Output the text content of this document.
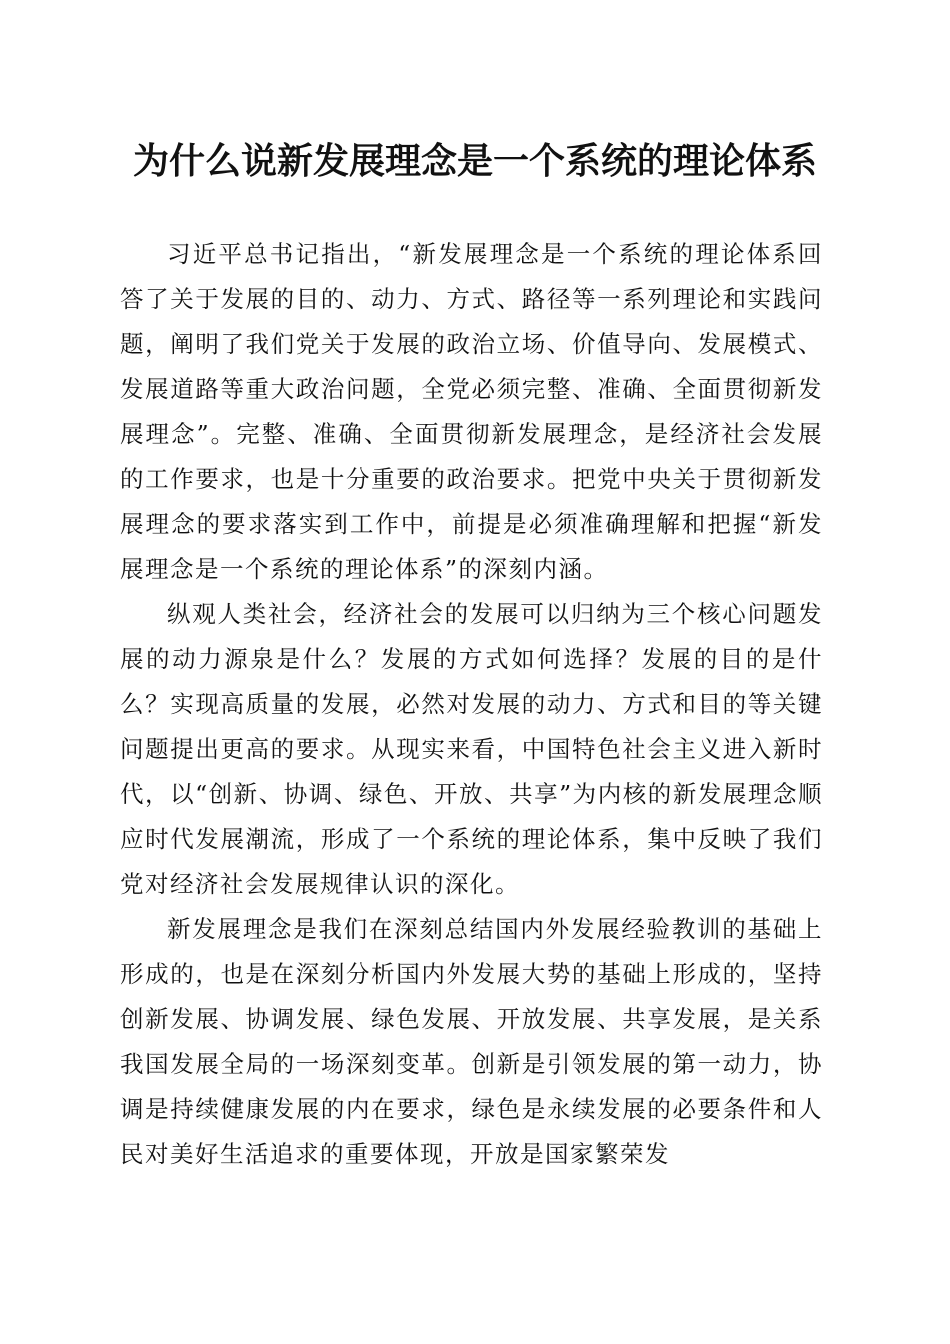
为什么说新发展理念是一个系统的理论体系

习近平总书记指出，“新发展理念是一个系统的理论体系回答了关于发展的目的、动力、方式、路径等一系列理论和实践问题，阐明了我们党关于发展的政治立场、价值导向、发展模式、发展道路等重大政治问题，全党必须完整、准确、全面贯彻新发展理念”。完整、准确、全面贯彻新发展理念，是经济社会发展的工作要求，也是十分重要的政治要求。把党中央关于贯彻新发展理念的要求落实到工作中，前提是必须准确理解和把握“新发展理念是一个系统的理论体系”的深刻内涵。

纵观人类社会，经济社会的发展可以归纳为三个核心问题发展的动力源泉是什么？发展的方式如何选择？发展的目的是什么？实现高质量的发展，必然对发展的动力、方式和目的等关键问题提出更高的要求。从现实来看，中国特色社会主义进入新时代，以“创新、协调、绿色、开放、共享”为内核的新发展理念顺应时代发展潮流，形成了一个系统的理论体系，集中反映了我们党对经济社会发展规律认识的深化。

新发展理念是我们在深刻总结国内外发展经验教训的基础上形成的，也是在深刻分析国内外发展大势的基础上形成的，坚持创新发展、协调发展、绿色发展、开放发展、共享发展，是关系我国发展全局的一场深刻变革。创新是引领发展的第一动力，协调是持续健康发展的内在要求，绿色是永续发展的必要条件和人民对美好生活追求的重要体现，开放是国家繁荣发
